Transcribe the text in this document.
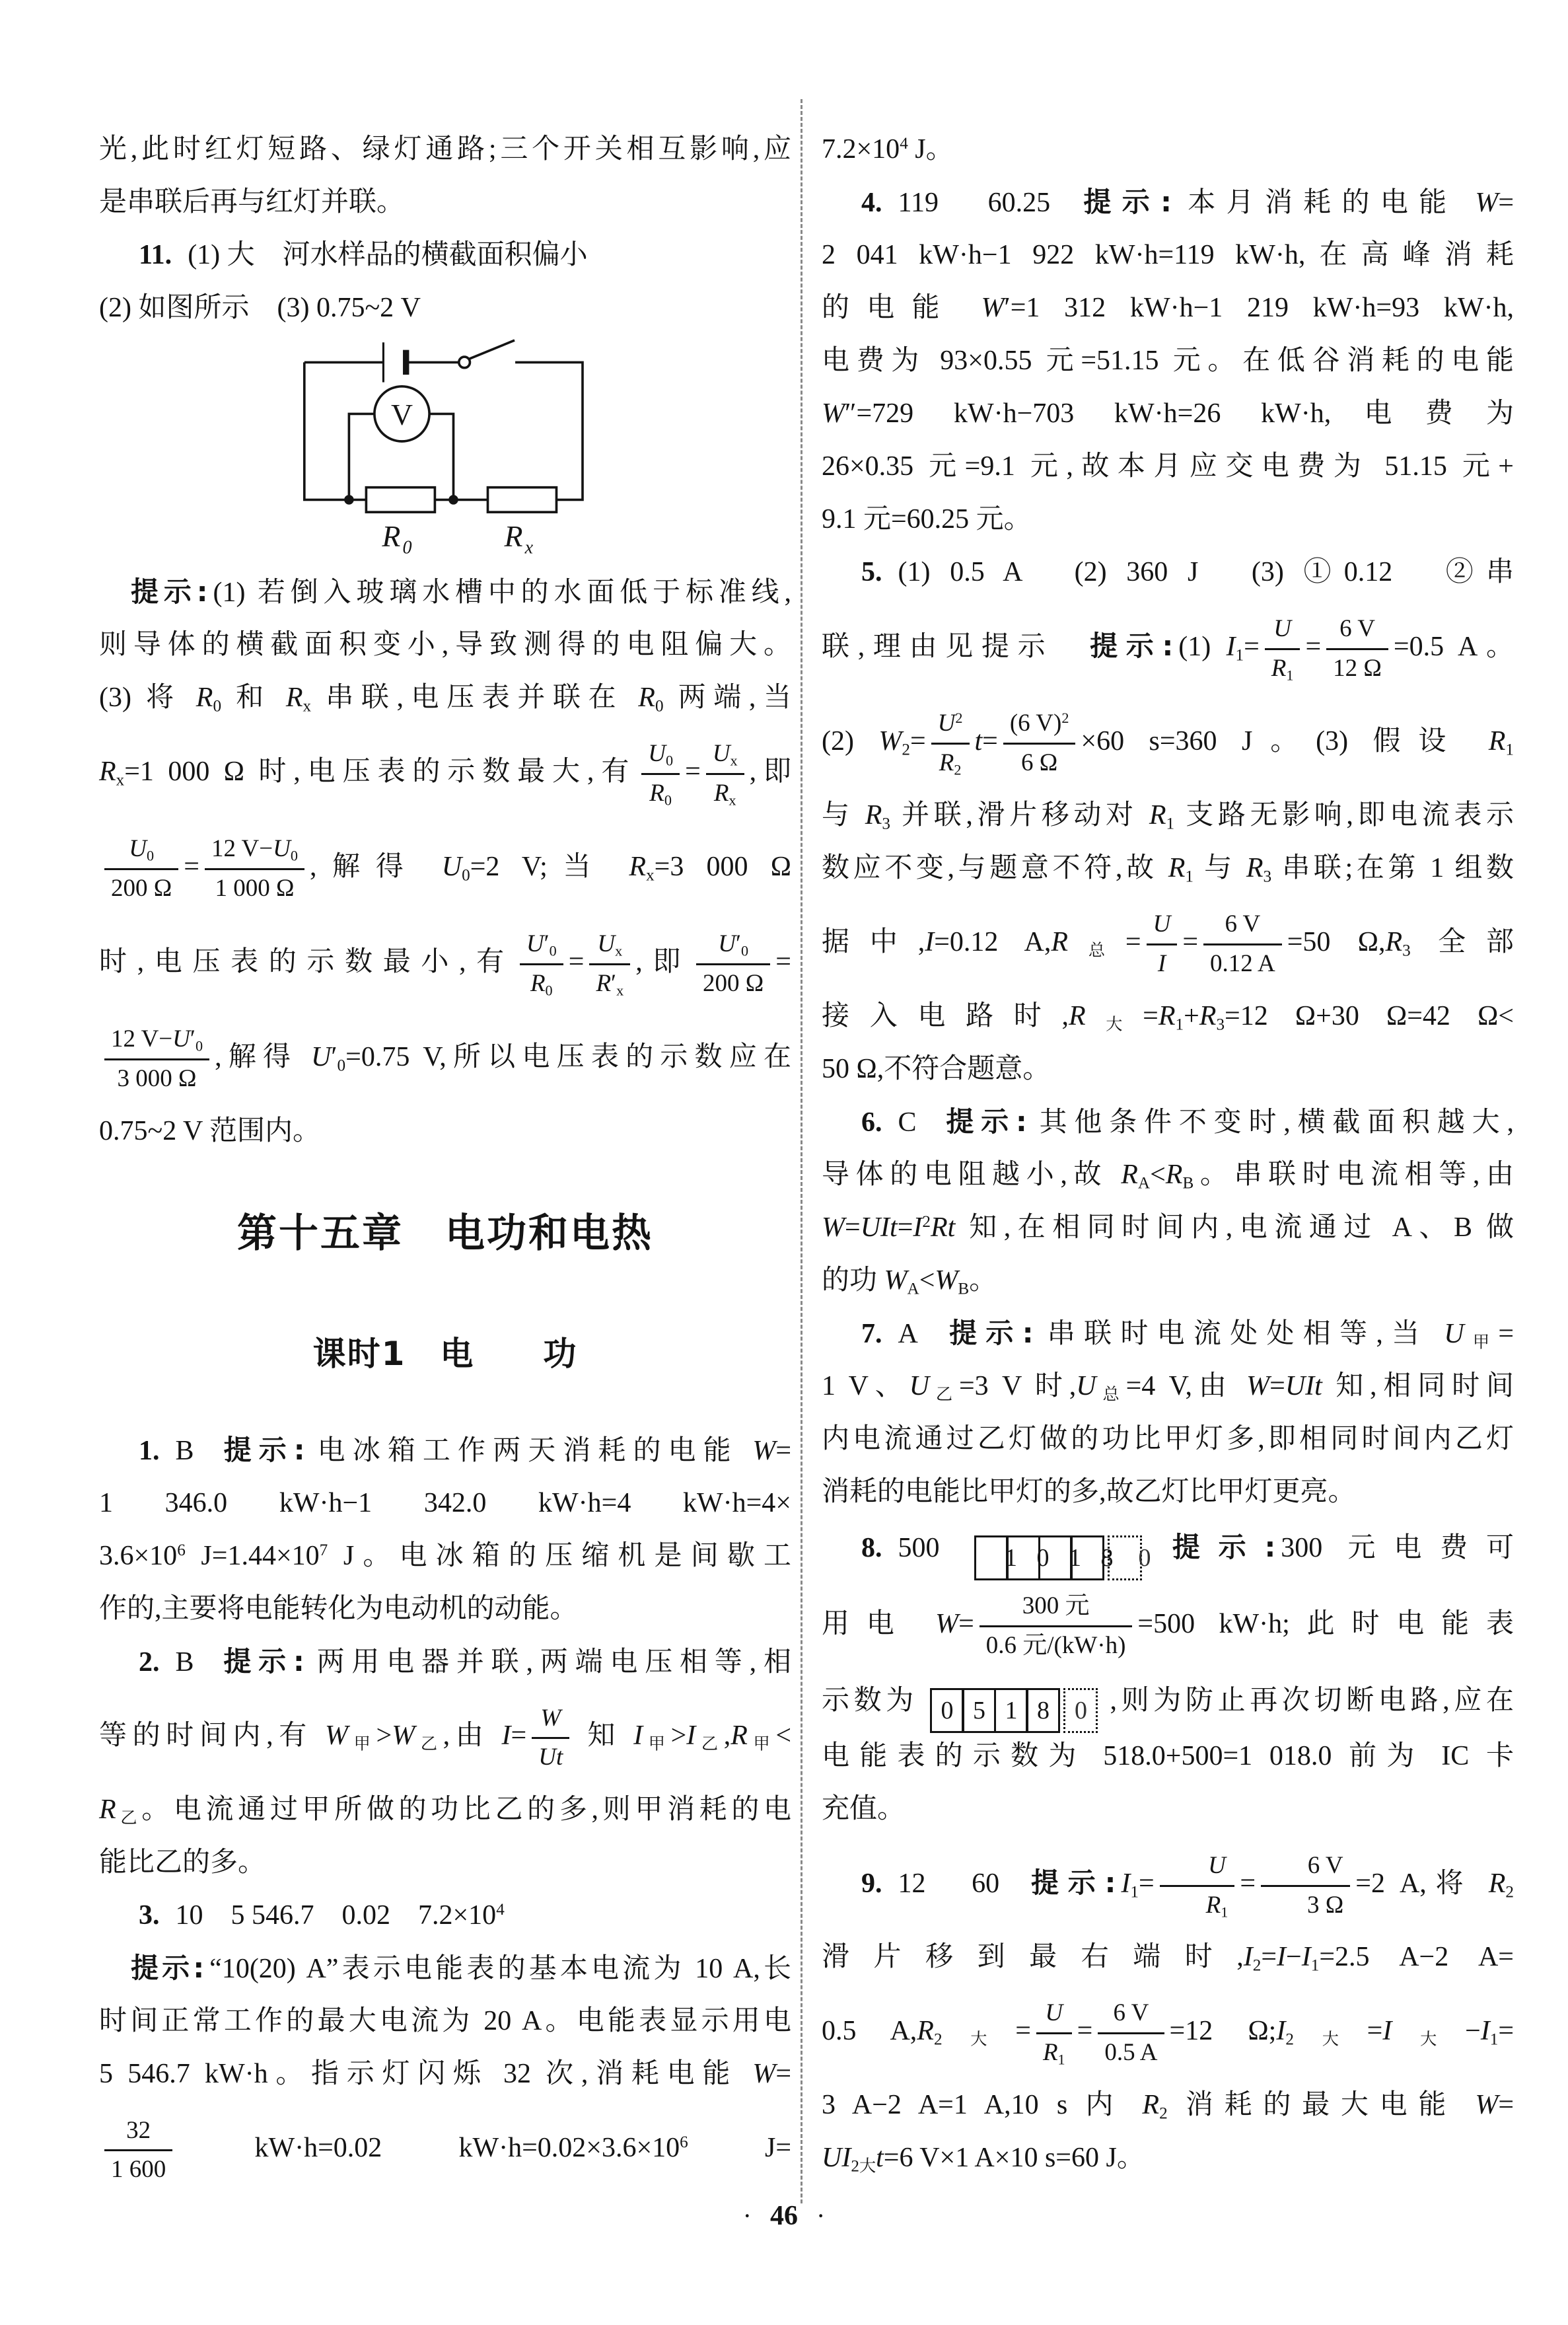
光,此时红灯短路、绿灯通路;三个开关相互影响,应
是串联后再与红灯并联。
11. (1) 大　河水样品的横截面积偏小
(2) 如图所示　(3) 0.75~2 V
V
R 0	R x
提示: (1) 若倒入玻璃水槽中的水面低于标准线,
则导体的横截面积变小,导致测得的电阻偏大。
(3) 将 $R_0$ 和 $R_x$ 串联,电压表并联在 $R_0$ 两端,当
$R_x=1$ 000 Ω 时,电压表的示数最大,有 $\frac{U_0}{R_0} = \frac{U_x}{R_x}$ ,即
$\frac{U_0}{200 \Omega} = \frac{12 V-U_0}{1 000 \Omega}$ ,解得 $U_0=2$ V;当 $R_x=3$ 000 Ω
时,电压表的示数最小,有 $\frac{U'_0}{R_0} = \frac{U_x}{R'_x}$ ,即 $\frac{U'_0}{200 \Omega}$ =
$\frac{12 V-U'_0}{3 000 \Omega}$ ,解得 $U'_0=0.75$ V,所以电压表的示数应在
0.75~2 V 范围内。
第十五章　电功和电热
课时1　电　　功
1. B 提示: 电冰箱工作两天消耗的电能 W=
1 346.0 kW·h−1 342.0 kW·h=4 kW·h=4×
$3.6\times 10^6$ $J=1.44\times 10^7$ J。电冰箱的压缩机是间歇工
作的,主要将电能转化为电动机的动能。
2. B 提示: 两用电器并联,两端电压相等,相
等的时间内,有 $W_甲>W_乙$,由 $I= \frac{W}{Ut}$ 知 $I_甲>I_乙,R_甲<$
$R_乙$。电流通过甲所做的功比乙的多,则甲消耗的电
能比乙的多。
3. 10　5 546.7　0.02　$7.2\times 10^4$
提示: “10(20) A”表示电能表的基本电流为 10 A,长
时间正常工作的最大电流为 20 A。电能表显示用电
5 546.7 kW·h。指示灯闪烁 32 次,消耗电能 W=
$\frac{32}{1 600} kW\cdot h=0.02$ $kW\cdot h=0.02\times 3.6\times 10^6$ J=
$7.2\times 10^4$ J。
4. 119　60.25 提示: 本月消耗的电能 W=
2 041 kW·h−1 922 kW·h=119 kW·h,在高峰消耗
的电能 W′=1 312 kW·h−1 219 kW·h=93 kW·h,
电费为 93×0.55 元=51.15 元。在低谷消耗的电能
W″=729 kW·h−703 kW·h=26 kW·h,电费为
26×0.35 元=9.1 元,故本月应交电费为 51.15 元+
9.1 元=60.25 元。
5. (1) 0.5 A　(2) 360 J　(3) ①0.12　②串
联,理由见提示　 提示: (1) $I_1= \frac{U}{R_1} = \frac{6 V}{12 \Omega} =0.5$ A。
(2) $W_2= \frac{U^2}{R_2} t= \frac{(6 V)^2}{6 \Omega} \times 60$ s=360 J。(3) 假设 $R_1$
与 $R_3$ 并联,滑片移动对 $R_1$ 支路无影响,即电流表示
数应不变,与题意不符,故 $R_1$ 与 $R_3$ 串联;在第 1 组数
据中,I=0.12 $A,R_总= \frac{U}{I} = \frac{6 V}{0.12 A} =50$ $\Omega,R_3$ 全部
接入电路时$,R_大=R_1+R_3=12$ Ω+30 Ω=42 Ω<
50 Ω,不符合题意。
6. C 提示: 其他条件不变时,横截面积越大,
导体的电阻越小,故 $R_A<R_B$。串联时电流相等,由
$W=UIt=I^2Rt$ 知,在相同时间内,电流通过 A、B 做
的功 $W_A<W_B$。
7. A 提示: 串联时电流处处相等,当 $U_甲=$
1 V、$U_乙=3$ V 时$,U_总=4$ V,由 W=UIt 知,相同时间
内电流通过乙灯做的功比甲灯多,即相同时间内乙灯
消耗的电能比甲灯的多,故乙灯比甲灯更亮。
8. 500	1 0 1 8	0 提示: 300 元电费可
用电 $W= \frac{\text{300 元}}{\text{0.6 元/(kW·h)}} =500$ kW·h;此时电能表
示数为 0 5 1 8	0 ,则为防止再次切断电路,应在
电能表的示数为 518.0+500=1 018.0 前为 IC 卡
充值。
9. 12　60 提示: $I_1= \frac{U}{R_1} = \frac{6 V}{3 \Omega} =2$ A,将 $R_2$
滑片移到最右端时$,I_2=I-I_1=2.5$ A−2 A=
0.5 $A,R_{2大}= \frac{U}{R_1} = \frac{6 V}{0.5 A} =12$ $\Omega;I_{2大}=I_大-I_1=$
3 A−2 A=1 A,10 s 内 $R_2$ 消耗的最大电能 W=
$UI_{2大}t=6$ V×1 A×10 s=60 J。
· 46 ·
